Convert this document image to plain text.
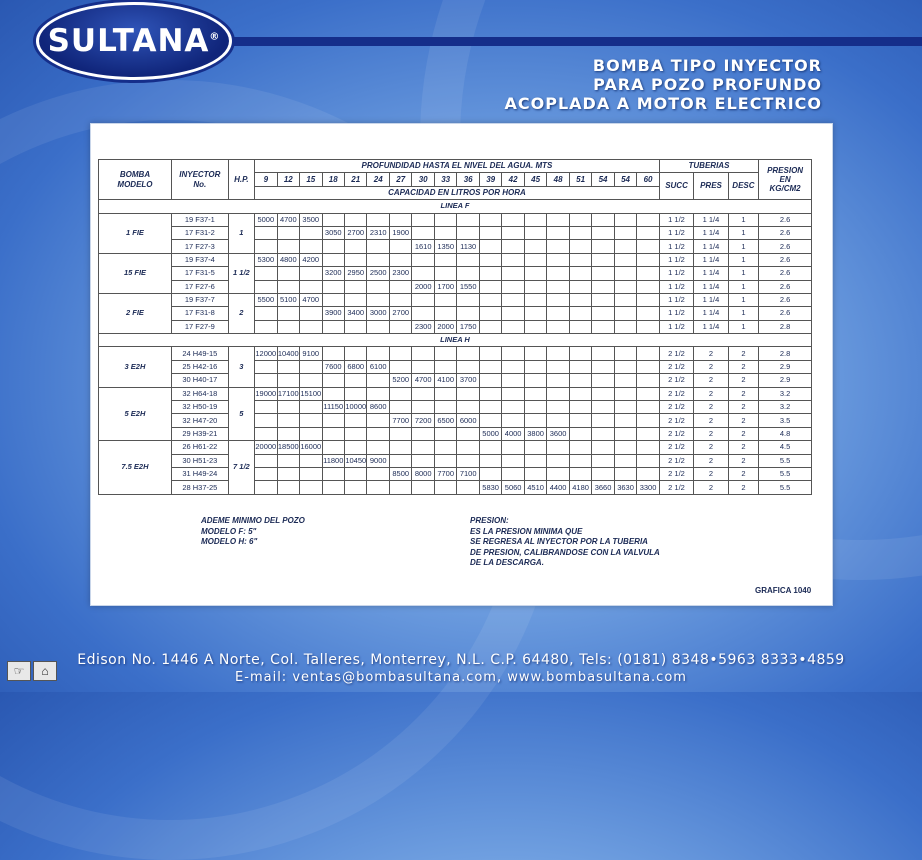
SULTANA®
BOMBA TIPO INYECTOR
PARA POZO PROFUNDO
ACOPLADA A MOTOR ELECTRICO
BOMBA
MODELO	INYECTOR
No.	H.P.	PROFUNDIDAD HASTA EL NIVEL DEL AGUA. MTS																		TUBERIAS			PRESION
EN
KG/CM2
			9	12	15	18	21	24	27	30	33	36	39	42	45	48	51	54	54	60	SUCC	PRES	DESC	
			CAPACIDAD EN LITROS POR HORA																					
LINEA F																								
1 FIE	19 F37-1	1	5000	4700	3500																1 1/2	1 1/4	1	2.6
	17 F31-2					3050	2700	2310	1900												1 1/2	1 1/4	1	2.6
	17 F27-3									1610	1350	1130									1 1/2	1 1/4	1	2.6
15 FIE	19 F37-4	1 1/2	5300	4800	4200																1 1/2	1 1/4	1	2.6
	17 F31-5					3200	2950	2500	2300												1 1/2	1 1/4	1	2.6
	17 F27-6									2000	1700	1550									1 1/2	1 1/4	1	2.6
2 FIE	19 F37-7	2	5500	5100	4700																1 1/2	1 1/4	1	2.6
	17 F31-8					3900	3400	3000	2700												1 1/2	1 1/4	1	2.6
	17 F27-9									2300	2000	1750									1 1/2	1 1/4	1	2.8
LINEA H																								
3 E2H	24 H49-15	3	12000	10400	9100																2 1/2	2	2	2.8
	25 H42-16					7600	6800	6100													2 1/2	2	2	2.9
	30 H40-17								5200	4700	4100	3700									2 1/2	2	2	2.9
5 E2H	32 H64-18	5	19000	17100	15100																2 1/2	2	2	3.2
	32 H50-19					11150	10000	8600													2 1/2	2	2	3.2
	32 H47-20								7700	7200	6500	6000									2 1/2	2	2	3.5
	29 H39-21												5000	4000	3800	3600					2 1/2	2	2	4.8
7.5 E2H	26 H61-22	7 1/2	20000	18500	16000																2 1/2	2	2	4.5
	30 H51-23					11800	10450	9000													2 1/2	2	2	5.5
	31 H49-24								8500	8000	7700	7100									2 1/2	2	2	5.5
	28 H37-25												5830	5060	4510	4400	4180	3660	3630	3300	2 1/2	2	2	5.5
ADEME MINIMO DEL POZO
MODELO F: 5"
MODELO H: 6"
PRESION:
ES LA PRESION MINIMA QUE
SE REGRESA AL INYECTOR POR LA TUBERIA
DE PRESION, CALIBRANDOSE CON LA VALVULA
DE LA DESCARGA.
GRAFICA 1040
☞	⌂
Edison No. 1446 A Norte, Col. Talleres, Monterrey, N.L. C.P. 64480, Tels: (0181) 8348•5963 8333•4859
E-mail: ventas@bombasultana.com, www.bombasultana.com
